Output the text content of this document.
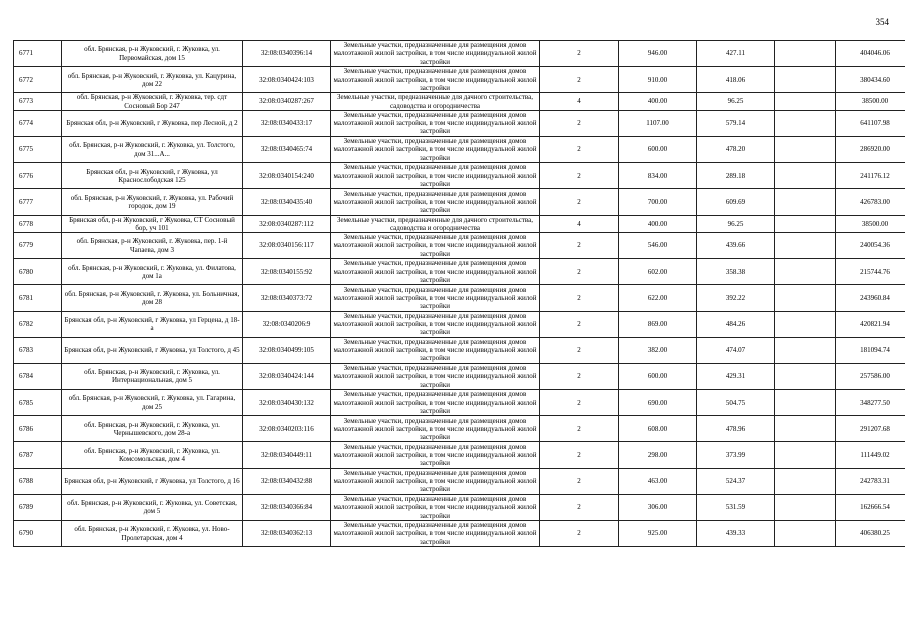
354
6771	обл. Брянская, р-н Жуковский, г. Жуковка, ул. Первомайская, дом 15	32:08:0340396:14	Земельные участки, предназначенные для размещения домов малоэтажной жилой застройки, в том числе индивидуальной жилой застройки	2	946.00	427.11		404046.06
6772	обл. Брянская, р-н Жуковский, г. Жуковка, ул. Кацурина, дом 22	32:08:0340424:103	Земельные участки, предназначенные для размещения домов малоэтажной жилой застройки, в том числе индивидуальной жилой застройки	2	910.00	418.06		380434.60
6773	обл. Брянская, р-н Жуковский, г. Жуковка, тер. сдт Сосновый Бор 247	32:08:0340287:267	Земельные участки, предназначенные для дачного строительства, садоводства и огородничества	4	400.00	96.25		38500.00
6774	Брянская обл, р-н Жуковский, г Жуковка, пер Лесной, д 2	32:08:0340433:17	Земельные участки, предназначенные для размещения домов малоэтажной жилой застройки, в том числе индивидуальной жилой застройки	2	1107.00	579.14		641107.98
6775	обл. Брянская, р-н Жуковский, г. Жуковка, ул. Толстого, дом 31...А...	32:08:0340465:74	Земельные участки, предназначенные для размещения домов малоэтажной жилой застройки, в том числе индивидуальной жилой застройки	2	600.00	478.20		286920.00
6776	Брянская обл, р-н Жуковский, г Жуковка, ул Краснослободская 125	32:08:0340154:240	Земельные участки, предназначенные для размещения домов малоэтажной жилой застройки, в том числе индивидуальной жилой застройки	2	834.00	289.18		241176.12
6777	обл. Брянская, р-н Жуковский, г. Жуковка, ул. Рабочий городок, дом 19	32:08:0340435:40	Земельные участки, предназначенные для размещения домов малоэтажной жилой застройки, в том числе индивидуальной жилой застройки	2	700.00	609.69		426783.00
6778	Брянская обл, р-н Жуковский, г Жуковка, СТ Сосновый бор, уч 101	32:08:0340287:112	Земельные участки, предназначенные для дачного строительства, садоводства и огородничества	4	400.00	96.25		38500.00
6779	обл. Брянская, р-н Жуковский, г. Жуковка, пер. 1-й Чапаева, дом 3	32:08:0340156:117	Земельные участки, предназначенные для размещения домов малоэтажной жилой застройки, в том числе индивидуальной жилой застройки	2	546.00	439.66		240054.36
6780	обл. Брянская, р-н Жуковский, г. Жуковка, ул. Филатова, дом 1а	32:08:0340155:92	Земельные участки, предназначенные для размещения домов малоэтажной жилой застройки, в том числе индивидуальной жилой застройки	2	602.00	358.38		215744.76
6781	обл. Брянская, р-н Жуковский, г. Жуковка, ул. Больничная, дом 28	32:08:0340373:72	Земельные участки, предназначенные для размещения домов малоэтажной жилой застройки, в том числе индивидуальной жилой застройки	2	622.00	392.22		243960.84
6782	Брянская обл, р-н Жуковский, г Жуковка, ул Герцена, д 18-а	32:08:0340206:9	Земельные участки, предназначенные для размещения домов малоэтажной жилой застройки, в том числе индивидуальной жилой застройки	2	869.00	484.26		420821.94
6783	Брянская обл, р-н Жуковский, г Жуковка, ул Толстого, д 45	32:08:0340499:105	Земельные участки, предназначенные для размещения домов малоэтажной жилой застройки, в том числе индивидуальной жилой застройки	2	382.00	474.07		181094.74
6784	обл. Брянская, р-н Жуковский, г. Жуковка, ул. Интернациональная, дом 5	32:08:0340424:144	Земельные участки, предназначенные для размещения домов малоэтажной жилой застройки, в том числе индивидуальной жилой застройки	2	600.00	429.31		257586.00
6785	обл. Брянская, р-н Жуковский, г. Жуковка, ул. Гагарина, дом 25	32:08:0340430:132	Земельные участки, предназначенные для размещения домов малоэтажной жилой застройки, в том числе индивидуальной жилой застройки	2	690.00	504.75		348277.50
6786	обл. Брянская, р-н Жуковский, г. Жуковка, ул. Чернышевского, дом 28-а	32:08:0340203:116	Земельные участки, предназначенные для размещения домов малоэтажной жилой застройки, в том числе индивидуальной жилой застройки	2	608.00	478.96		291207.68
6787	обл. Брянская, р-н Жуковский, г. Жуковка, ул. Комсомольская, дом 4	32:08:0340449:11	Земельные участки, предназначенные для размещения домов малоэтажной жилой застройки, в том числе индивидуальной жилой застройки	2	298.00	373.99		111449.02
6788	Брянская обл, р-н Жуковский, г Жуковка, ул Толстого, д 16	32:08:0340432:88	Земельные участки, предназначенные для размещения домов малоэтажной жилой застройки, в том числе индивидуальной жилой застройки	2	463.00	524.37		242783.31
6789	обл. Брянская, р-н Жуковский, г. Жуковка, ул. Советская, дом 5	32:08:0340366:84	Земельные участки, предназначенные для размещения домов малоэтажной жилой застройки, в том числе индивидуальной жилой застройки	2	306.00	531.59		162666.54
6790	обл. Брянская, р-н Жуковский, г. Жуковка, ул. Ново-Пролетарская, дом 4	32:08:0340362:13	Земельные участки, предназначенные для размещения домов малоэтажной жилой застройки, в том числе индивидуальной жилой застройки	2	925.00	439.33		406380.25
